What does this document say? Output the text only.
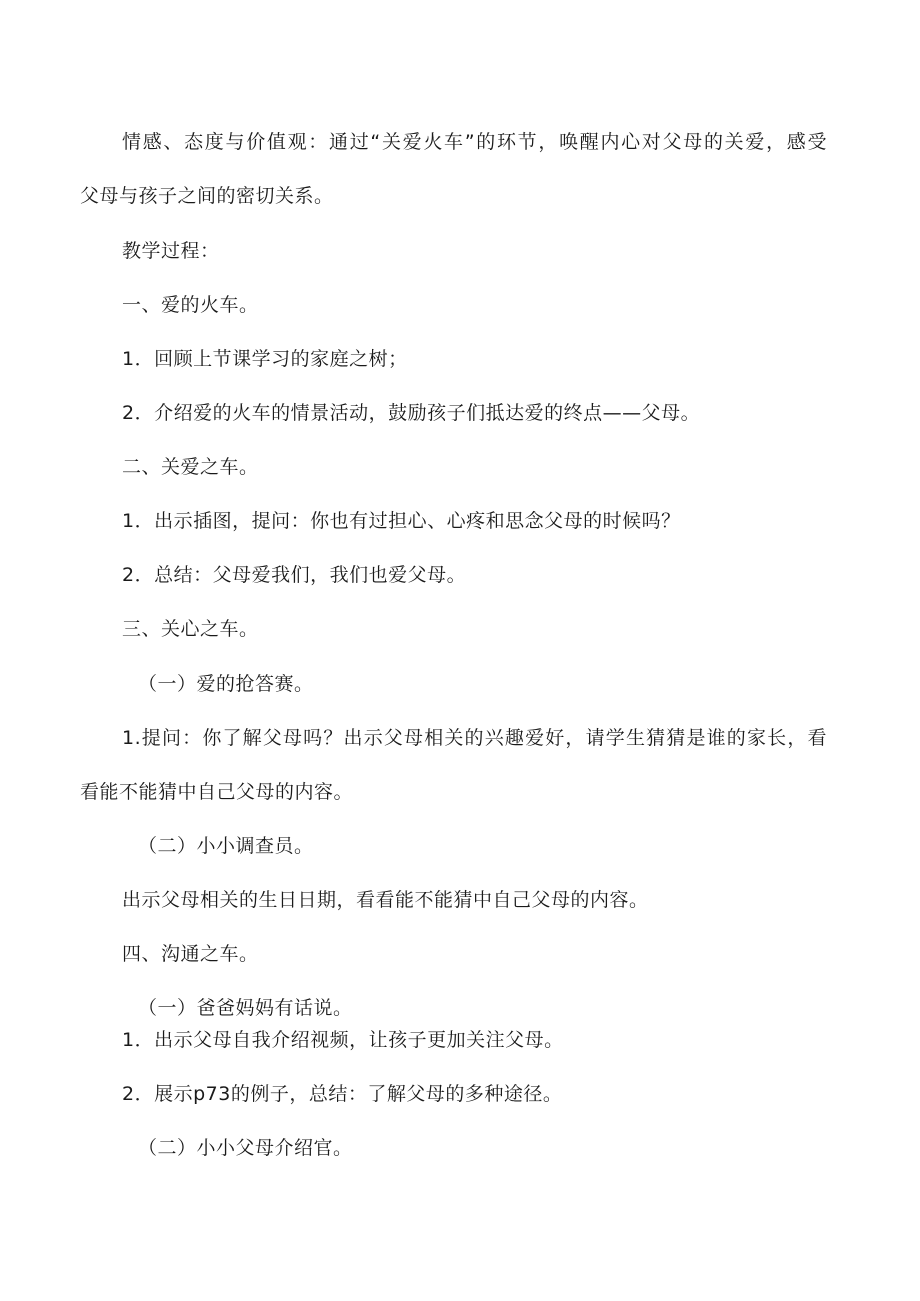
情感、态度与价值观：通过“关爱火车”的环节，唤醒内心对父母的关爱，感受
父母与孩子之间的密切关系。
教学过程：
一、爱的火车。
1．回顾上节课学习的家庭之树；
2．介绍爱的火车的情景活动，鼓励孩子们抵达爱的终点——父母。
二、关爱之车。
1．出示插图，提问：你也有过担心、心疼和思念父母的时候吗？
2．总结：父母爱我们，我们也爱父母。
三、关心之车。
（一）爱的抢答赛。
1.提问：你了解父母吗？出示父母相关的兴趣爱好，请学生猜猜是谁的家长，看
看能不能猜中自己父母的内容。
（二）小小调查员。
出示父母相关的生日日期，看看能不能猜中自己父母的内容。
四、沟通之车。
（一）爸爸妈妈有话说。
1．出示父母自我介绍视频，让孩子更加关注父母。
2．展示p73的例子，总结：了解父母的多种途径。
（二）小小父母介绍官。
